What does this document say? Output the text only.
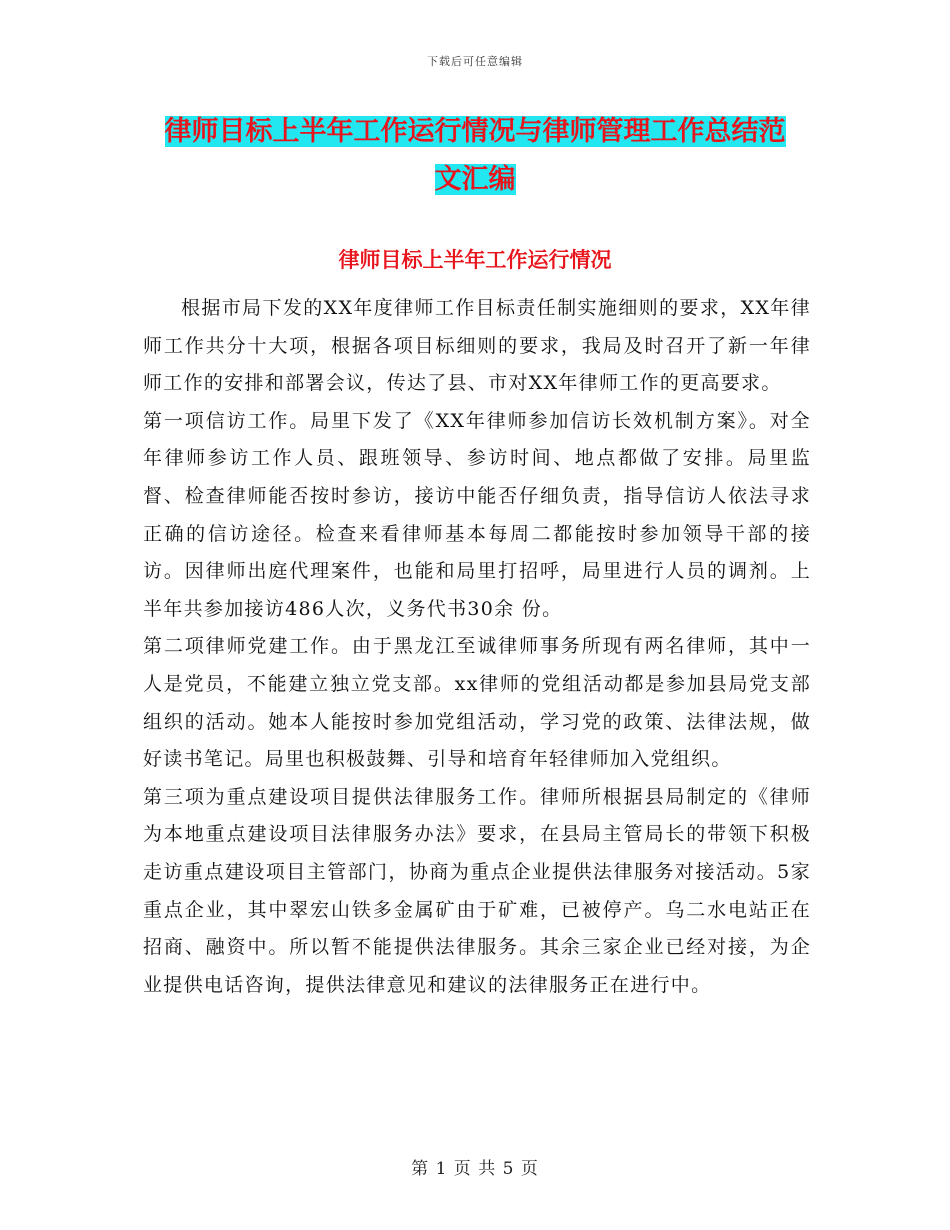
下载后可任意编辑
律师目标上半年工作运行情况与律师管理工作总结范
文汇编
律师目标上半年工作运行情况

根据市局下发的XX年度律师工作目标责任制实施细则的要求，XX年律师工作共分十大项，根据各项目标细则的要求，我局及时召开了新一年律师工作的安排和部署会议，传达了县、市对XX年律师工作的更高要求。

第一项信访工作。局里下发了《XX年律师参加信访长效机制方案》。对全年律师参访工作人员、跟班领导、参访时间、地点都做了安排。局里监督、检查律师能否按时参访，接访中能否仔细负责，指导信访人依法寻求正确的信访途径。检查来看律师基本每周二都能按时参加领导干部的接访。因律师出庭代理案件，也能和局里打招呼，局里进行人员的调剂。上半年共参加接访486人次，义务代书30余 份。

第二项律师党建工作。由于黑龙江至诚律师事务所现有两名律师，其中一人是党员，不能建立独立党支部。xx律师的党组活动都是参加县局党支部组织的活动。她本人能按时参加党组活动，学习党的政策、法律法规，做好读书笔记。局里也积极鼓舞、引导和培育年轻律师加入党组织。

第三项为重点建设项目提供法律服务工作。律师所根据县局制定的《律师为本地重点建设项目法律服务办法》要求，在县局主管局长的带领下积极走访重点建设项目主管部门，协商为重点企业提供法律服务对接活动。5家重点企业，其中翠宏山铁多金属矿由于矿难，已被停产。乌二水电站正在招商、融资中。所以暂不能提供法律服务。其余三家企业已经对接，为企业提供电话咨询，提供法律意见和建议的法律服务正在进行中。

第 1 页 共 5 页
